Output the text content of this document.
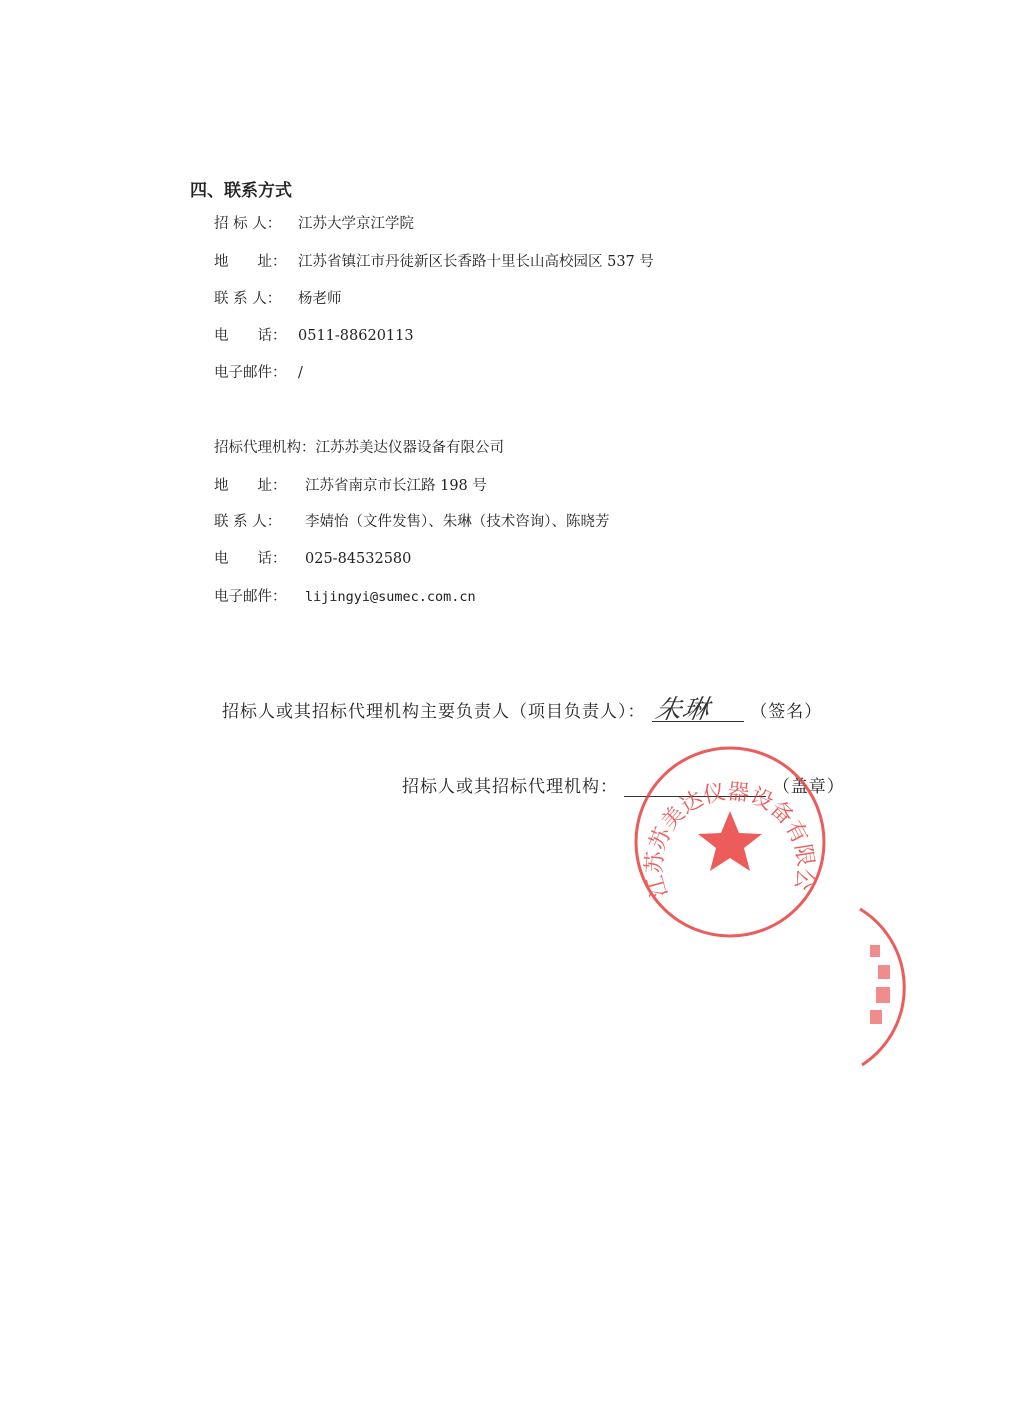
四、联系方式
招 标 人： 江苏大学京江学院
地　　址： 江苏省镇江市丹徒新区长香路十里长山高校园区 537 号
联 系 人： 杨老师
电　　话： 0511-88620113
电子邮件： /
招标代理机构：江苏苏美达仪器设备有限公司
地　　址： 江苏省南京市长江路 198 号
联 系 人： 李婧怡（文件发售）、朱琳（技术咨询）、陈晓芳
电　　话： 025-84532580
电子邮件： lijingyi@sumec.com.cn
招标人或其招标代理机构主要负责人（项目负责人）： 朱琳 （签名）
招标人或其招标代理机构：	（盖章）
江苏苏美达仪器设备有限公司
